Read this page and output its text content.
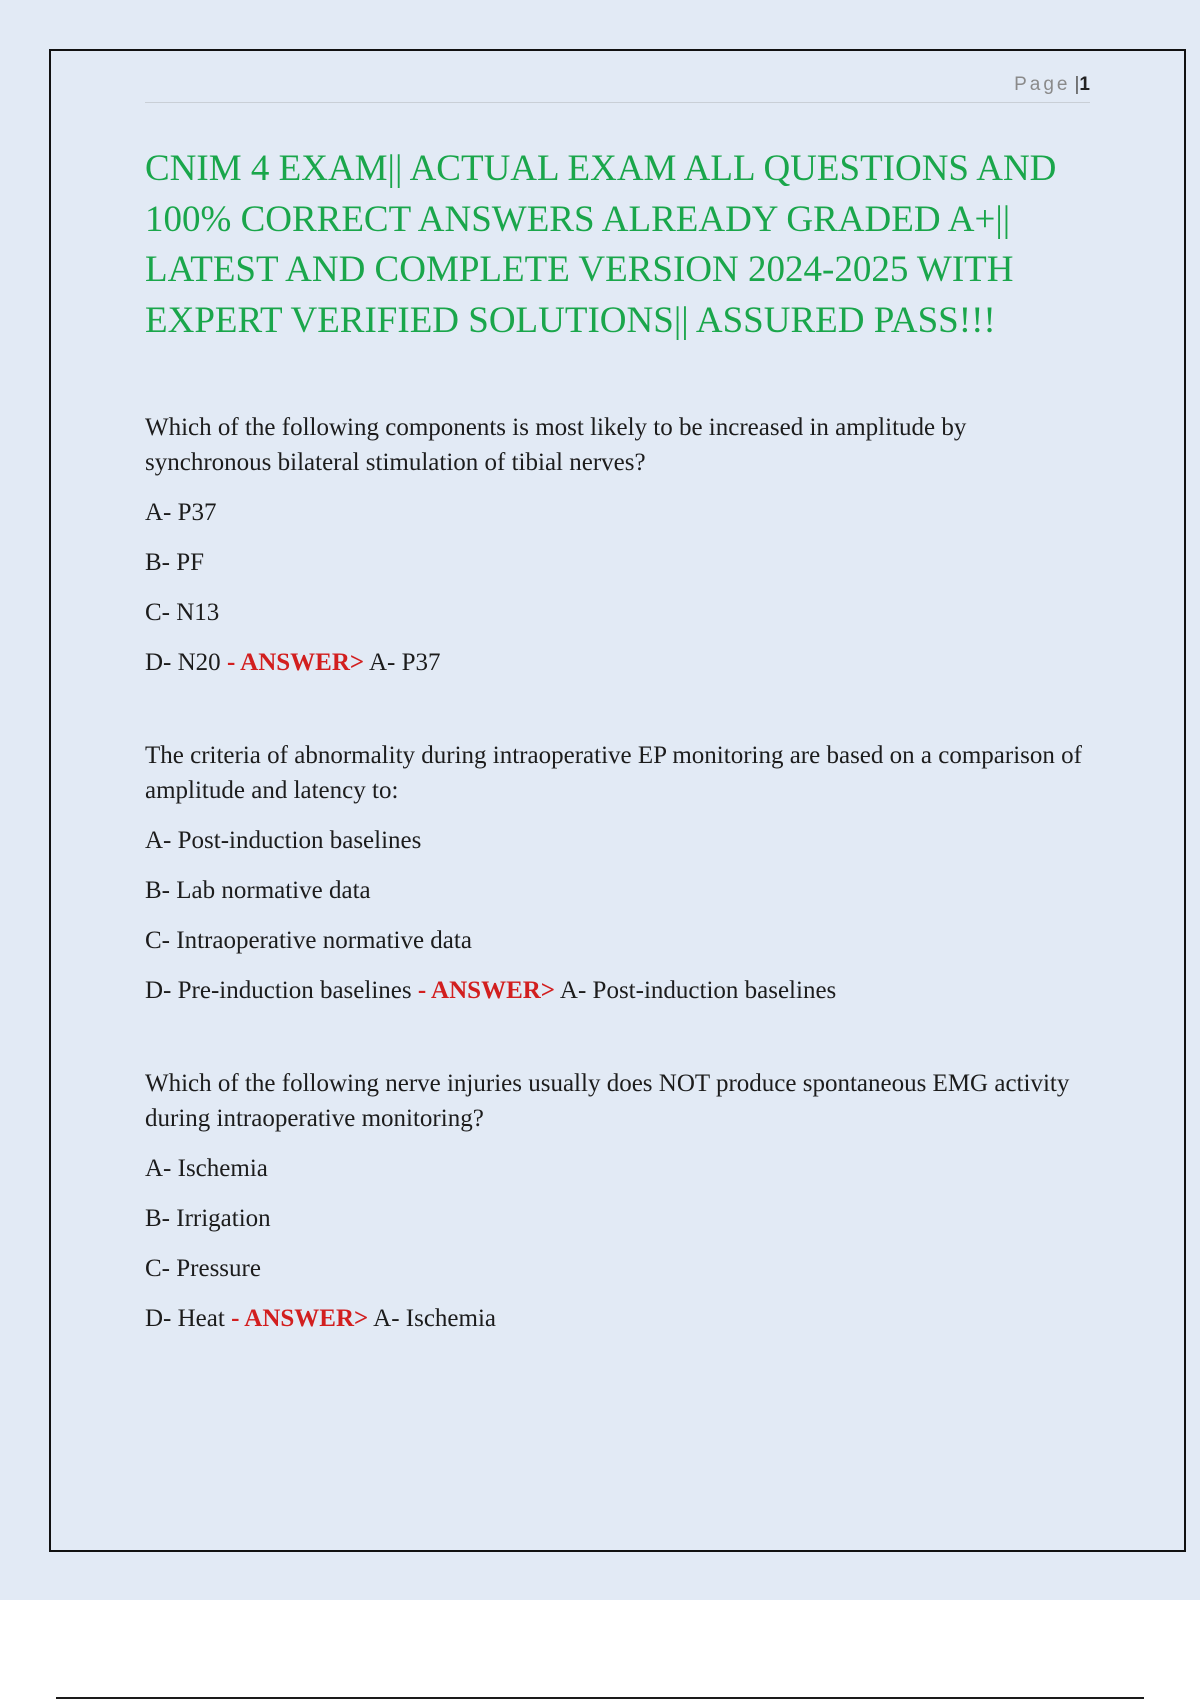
Page |1
CNIM 4 EXAM|| ACTUAL EXAM ALL QUESTIONS AND 100% CORRECT ANSWERS ALREADY GRADED A+|| LATEST AND COMPLETE VERSION 2024-2025 WITH EXPERT VERIFIED SOLUTIONS|| ASSURED PASS!!!

Which of the following components is most likely to be increased in amplitude by synchronous bilateral stimulation of tibial nerves?

A- P37

B- PF

C- N13

D- N20 - ANSWER> A- P37

The criteria of abnormality during intraoperative EP monitoring are based on a comparison of amplitude and latency to:

A- Post-induction baselines

B- Lab normative data

C- Intraoperative normative data

D- Pre-induction baselines - ANSWER> A- Post-induction baselines

Which of the following nerve injuries usually does NOT produce spontaneous EMG activity during intraoperative monitoring?

A- Ischemia

B- Irrigation

C- Pressure

D- Heat - ANSWER> A- Ischemia
